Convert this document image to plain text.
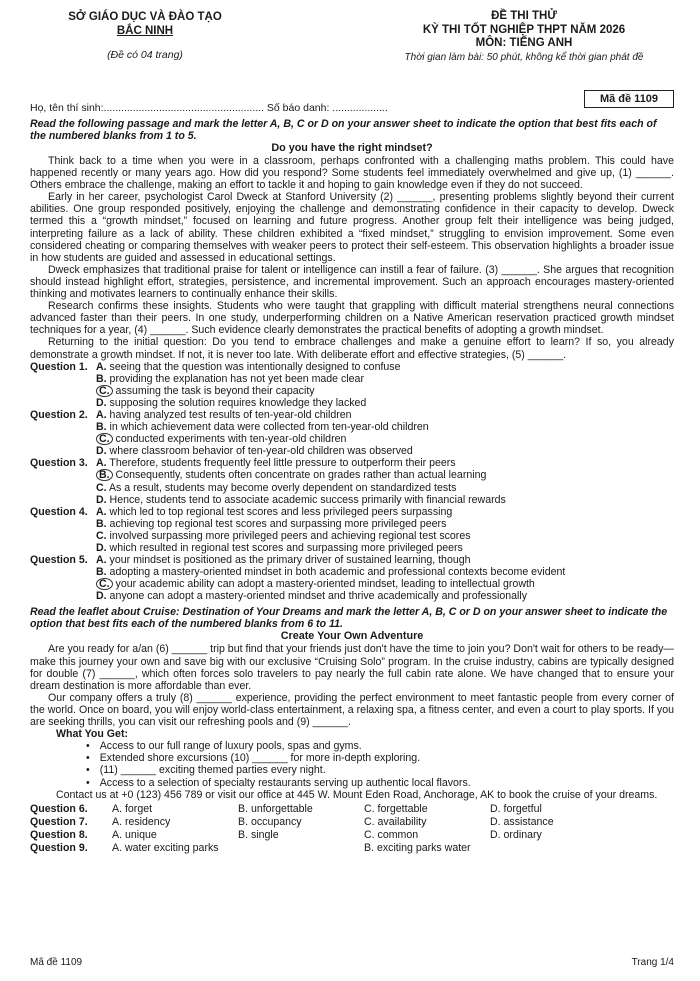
SỞ GIÁO DỤC VÀ ĐÀO TẠO
BẮC NINH
(Đề có 04 trang)
ĐỀ THI THỬ
KỲ THI TỐT NGHIỆP THPT NĂM 2026
MÔN: TIẾNG ANH
Thời gian làm bài: 50 phút, không kể thời gian phát đề
Họ, tên thí sinh:....................................................... Số báo danh: ...................
Mã đề 1109
Read the following passage and mark the letter A, B, C or D on your answer sheet to indicate the option that best fits each of the numbered blanks from 1 to 5.
Do you have the right mindset?

Think back to a time when you were in a classroom, perhaps confronted with a challenging maths problem. This could have happened recently or many years ago. How did you respond? Some students feel immediately overwhelmed and give up, (1) ______. Others embrace the challenge, making an effort to tackle it and hoping to gain knowledge even if they do not succeed.

Early in her career, psychologist Carol Dweck at Stanford University (2) ______, presenting problems slightly beyond their current abilities. One group responded positively, enjoying the challenge and demonstrating confidence in their capacity to develop. Dweck termed this a “growth mindset,” focused on learning and future progress. Another group felt their intelligence was being judged, interpreting failure as a lack of ability. These children exhibited a “fixed mindset,” struggling to envision improvement. Some even considered cheating or comparing themselves with weaker peers to protect their self-esteem. This observation highlights a broader issue in how students are guided and assessed in educational settings.

Dweck emphasizes that traditional praise for talent or intelligence can instill a fear of failure. (3) ______. She argues that recognition should instead highlight effort, strategies, persistence, and incremental improvement. Such an approach encourages mastery-oriented thinking and motivates learners to continually enhance their skills.

Research confirms these insights. Students who were taught that grappling with difficult material strengthens neural connections advanced faster than their peers. In one study, underperforming children on a Native American reservation practiced growth mindset techniques for a year, (4) ______. Such evidence clearly demonstrates the practical benefits of adopting a growth mindset.

Returning to the initial question: Do you tend to embrace challenges and make a genuine effort to learn? If so, you already demonstrate a growth mindset. If not, it is never too late. With deliberate effort and effective strategies, (5) ______.

Question 1. A. seeing that the question was intentionally designed to confuse
B. providing the explanation has not yet been made clear
C. assuming the task is beyond their capacity
D. supposing the solution requires knowledge they lacked
Question 2. A. having analyzed test results of ten-year-old children
B. in which achievement data were collected from ten-year-old children
C. conducted experiments with ten-year-old children
D. where classroom behavior of ten-year-old children was observed
Question 3. A. Therefore, students frequently feel little pressure to outperform their peers
B. Consequently, students often concentrate on grades rather than actual learning
C. As a result, students may become overly dependent on standardized tests
D. Hence, students tend to associate academic success primarily with financial rewards
Question 4. A. which led to top regional test scores and less privileged peers surpassing
B. achieving top regional test scores and surpassing more privileged peers
C. involved surpassing more privileged peers and achieving regional test scores
D. which resulted in regional test scores and surpassing more privileged peers
Question 5. A. your mindset is positioned as the primary driver of sustained learning, though
B. adopting a mastery-oriented mindset in both academic and professional contexts become evident
C. your academic ability can adopt a mastery-oriented mindset, leading to intellectual growth
D. anyone can adopt a mastery-oriented mindset and thrive academically and professionally
Read the leaflet about Cruise: Destination of Your Dreams and mark the letter A, B, C or D on your answer sheet to indicate the option that best fits each of the numbered blanks from 6 to 11.
Create Your Own Adventure

Are you ready for a/an (6) ______ trip but find that your friends just don't have the time to join you? Don't wait for others to be ready—make this journey your own and save big with our exclusive “Cruising Solo” program. In the cruise industry, cabins are typically designed for double (7) ______, which often forces solo travelers to pay nearly the full cabin rate alone. We have changed that to ensure your dream destination is more affordable than ever.

Our company offers a truly (8) ______ experience, providing the perfect environment to meet fantastic people from every corner of the world. Once on board, you will enjoy world-class entertainment, a relaxing spa, a fitness center, and even a court to play sports. If you are seeking thrills, you can visit our refreshing pools and (9) ______.

What You Get:
• Access to our full range of luxury pools, spas and gyms.
• Extended shore excursions (10) ______ for more in-depth exploring.
• (11) ______ exciting themed parties every night.
• Access to a selection of specialty restaurants serving up authentic local flavors.
Contact us at +0 (123) 456 789 or visit our office at 445 W. Mount Eden Road, Anchorage, AK to book the cruise of your dreams.
Question 6.	A. forget	B. unforgettable	C. forgettable	D. forgetful
Question 7.	A. residency	B. occupancy	C. availability	D. assistance
Question 8.	A. unique	B. single	C. common	D. ordinary
Question 9.	A. water exciting parks		B. exciting parks water	
Mã đề 1109	Trang 1/4
